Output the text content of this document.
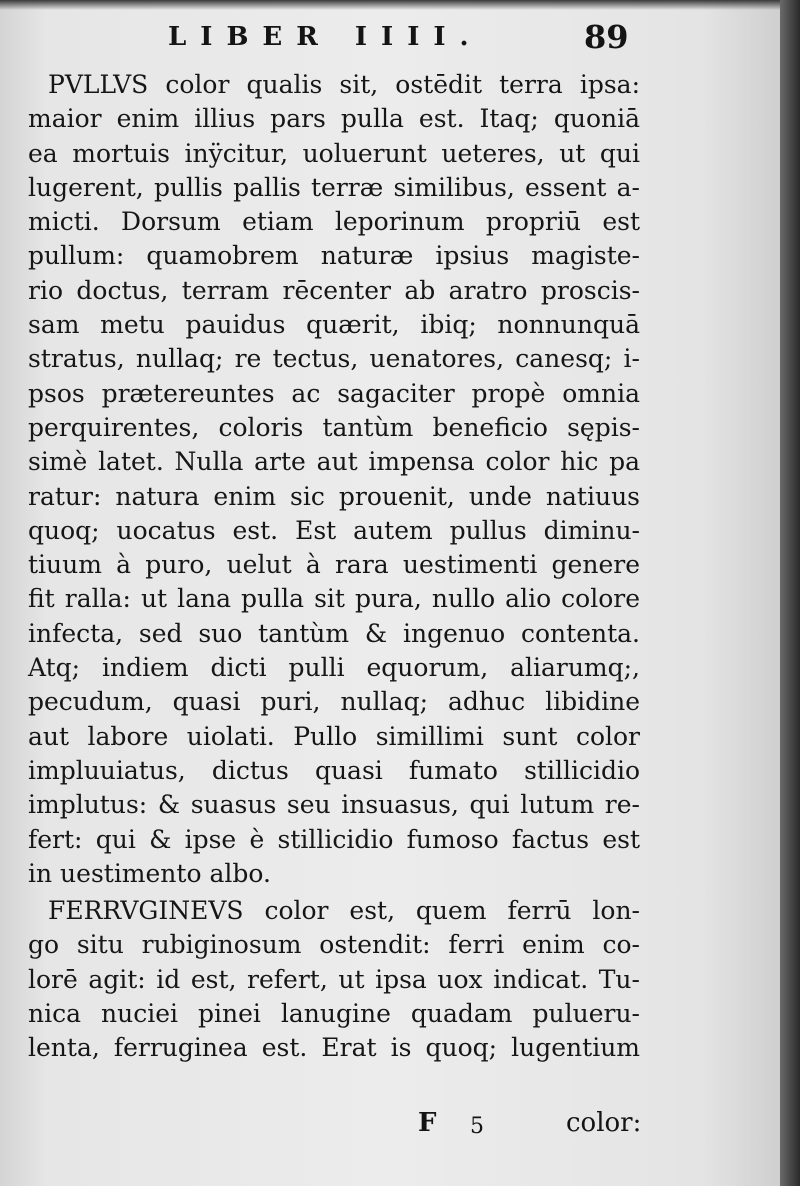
LIBER IIII.	89
PVLLVS color qualis sit, ostēdit terra ipsa:
maior enim illius pars pulla est. Itaq; quoniā
ea mortuis inÿcitur, uoluerunt ueteres, ut qui
lugerent, pullis pallis terræ similibus, essent a-
micti. Dorsum etiam leporinum propriū est
pullum: quamobrem naturæ ipsius magiste-
rio doctus, terram rēcenter ab aratro proscis-
sam metu pauidus quærit, ibiq; nonnunquā
stratus, nullaq; re tectus, uenatores, canesq; i-
psos prætereuntes ac sagaciter propè omnia
perquirentes, coloris tantùm beneficio sępis-
simè latet. Nulla arte aut impensa color hic pa
ratur: natura enim sic prouenit, unde natiuus
quoq; uocatus est. Est autem pullus diminu-
tiuum à puro, uelut à rara uestimenti genere
fit ralla: ut lana pulla sit pura, nullo alio colore
infecta, sed suo tantùm & ingenuo contenta.
Atq; indiem dicti pulli equorum, aliarumq;,
pecudum, quasi puri, nullaq; adhuc libidine
aut labore uiolati. Pullo simillimi sunt color
impluuiatus, dictus quasi fumato stillicidio
implutus: & suasus seu insuasus, qui lutum re-
fert: qui & ipse è stillicidio fumoso factus est
in uestimento albo.
FERRVGINEVS color est, quem ferrū lon-
go situ rubiginosum ostendit: ferri enim co-
lorē agit: id est, refert, ut ipsa uox indicat. Tu-
nica nuciei pinei lanugine quadam pulueru-
lenta, ferruginea est. Erat is quoq; lugentium
F 5	color:
